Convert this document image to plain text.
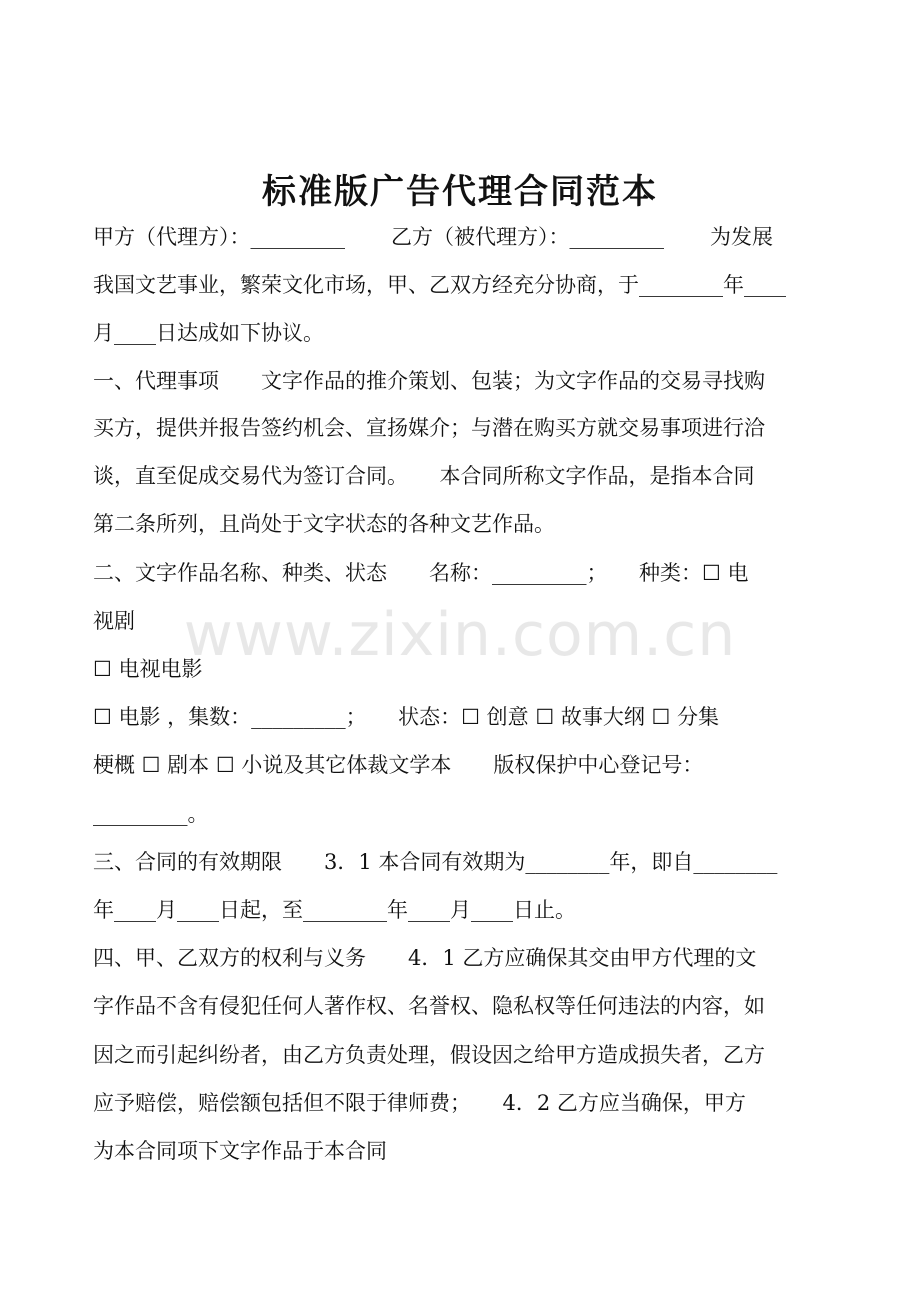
标准版广告代理合同范本
甲方（代理方）：_________ 乙方（被代理方）：_________ 为发展
我国文艺事业，繁荣文化市场，甲、乙双方经充分协商，于________年____
月____日达成如下协议。
一、代理事项　　文字作品的推介策划、包装；为文字作品的交易寻找购
买方，提供并报告签约机会、宣扬媒介；与潜在购买方就交易事项进行洽
谈，直至促成交易代为签订合同。　　本合同所称文字作品，是指本合同
第二条所列，且尚处于文字状态的各种文艺作品。
二、文字作品名称、种类、状态　　名称：_________；　　种类：☐ 电
视剧
☐ 电视电影
☐ 电影 ，集数：_________；　　状态：☐ 创意 ☐ 故事大纲 ☐ 分集
梗概 ☐ 剧本 ☐ 小说及其它体裁文学本　　版权保护中心登记号：
_________。
三、合同的有效期限　　3．1 本合同有效期为________年，即自________
年____月____日起，至________年____月____日止。
四、甲、乙双方的权利与义务　　4．1 乙方应确保其交由甲方代理的文
字作品不含有侵犯任何人著作权、名誉权、隐私权等任何违法的内容，如
因之而引起纠纷者，由乙方负责处理，假设因之给甲方造成损失者，乙方
应予赔偿，赔偿额包括但不限于律师费；　　4．2 乙方应当确保，甲方
为本合同项下文字作品于本合同
www.zixin.com.cn
